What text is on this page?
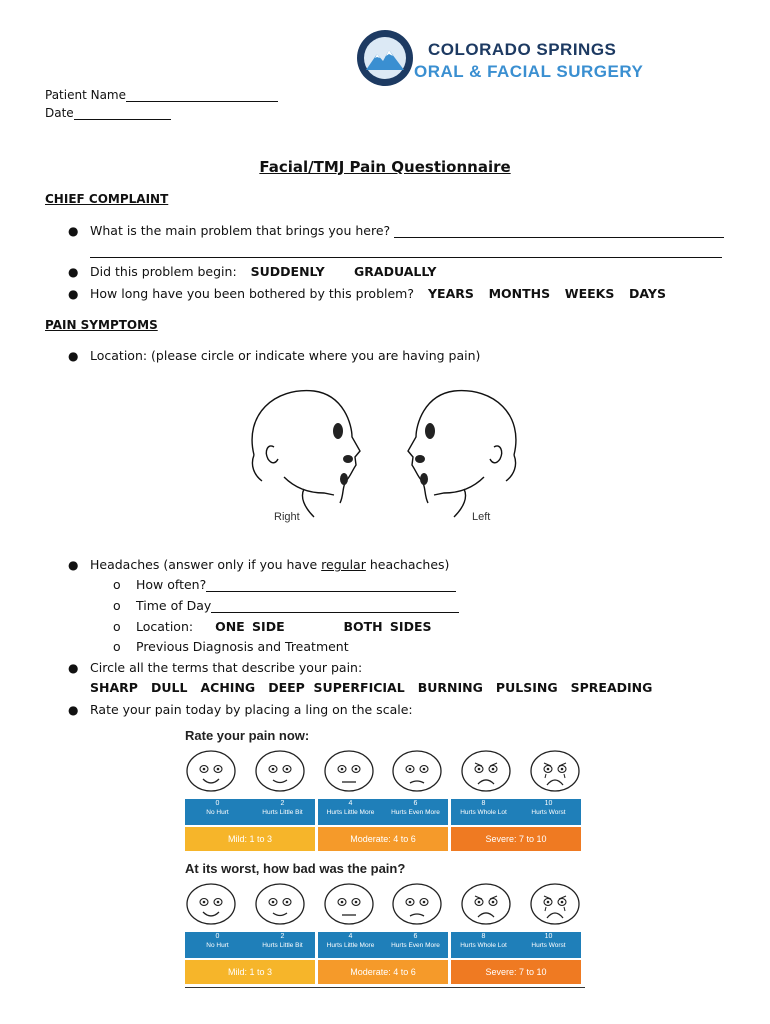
COLORADO SPRINGS
ORAL & FACIAL SURGERY
Patient Name
Date
Facial/TMJ Pain Questionnaire
CHIEF COMPLAINT
● What is the main problem that brings you here?
● Did this problem begin: SUDDENLY    GRADUALLY
● How long have you been bothered by this problem? YEARS  MONTHS  WEEKS  DAYS
PAIN SYMPTOMS
● Location: (please circle or indicate where you are having pain)
Right	Left
● Headaches (answer only if you have regular heachaches)
o How often?
o Time of Day
o Location: ONE SIDE        BOTH SIDES
o Previous Diagnosis and Treatment
● Circle all the terms that describe your pain:
SHARP   DULL   ACHING   DEEP  SUPERFICIAL   BURNING   PULSING   SPREADING
● Rate your pain today by placing a ling on the scale:
Rate your pain now:
0
No Hurt
2
Hurts Little Bit
4
Hurts Little More
6
Hurts Even More
8
Hurts Whole Lot
10
Hurts Worst
Mild: 1 to 3	Moderate: 4 to 6	Severe: 7 to 10
At its worst, how bad was the pain?
0
No Hurt
2
Hurts Little Bit
4
Hurts Little More
6
Hurts Even More
8
Hurts Whole Lot
10
Hurts Worst
Mild: 1 to 3	Moderate: 4 to 6	Severe: 7 to 10
